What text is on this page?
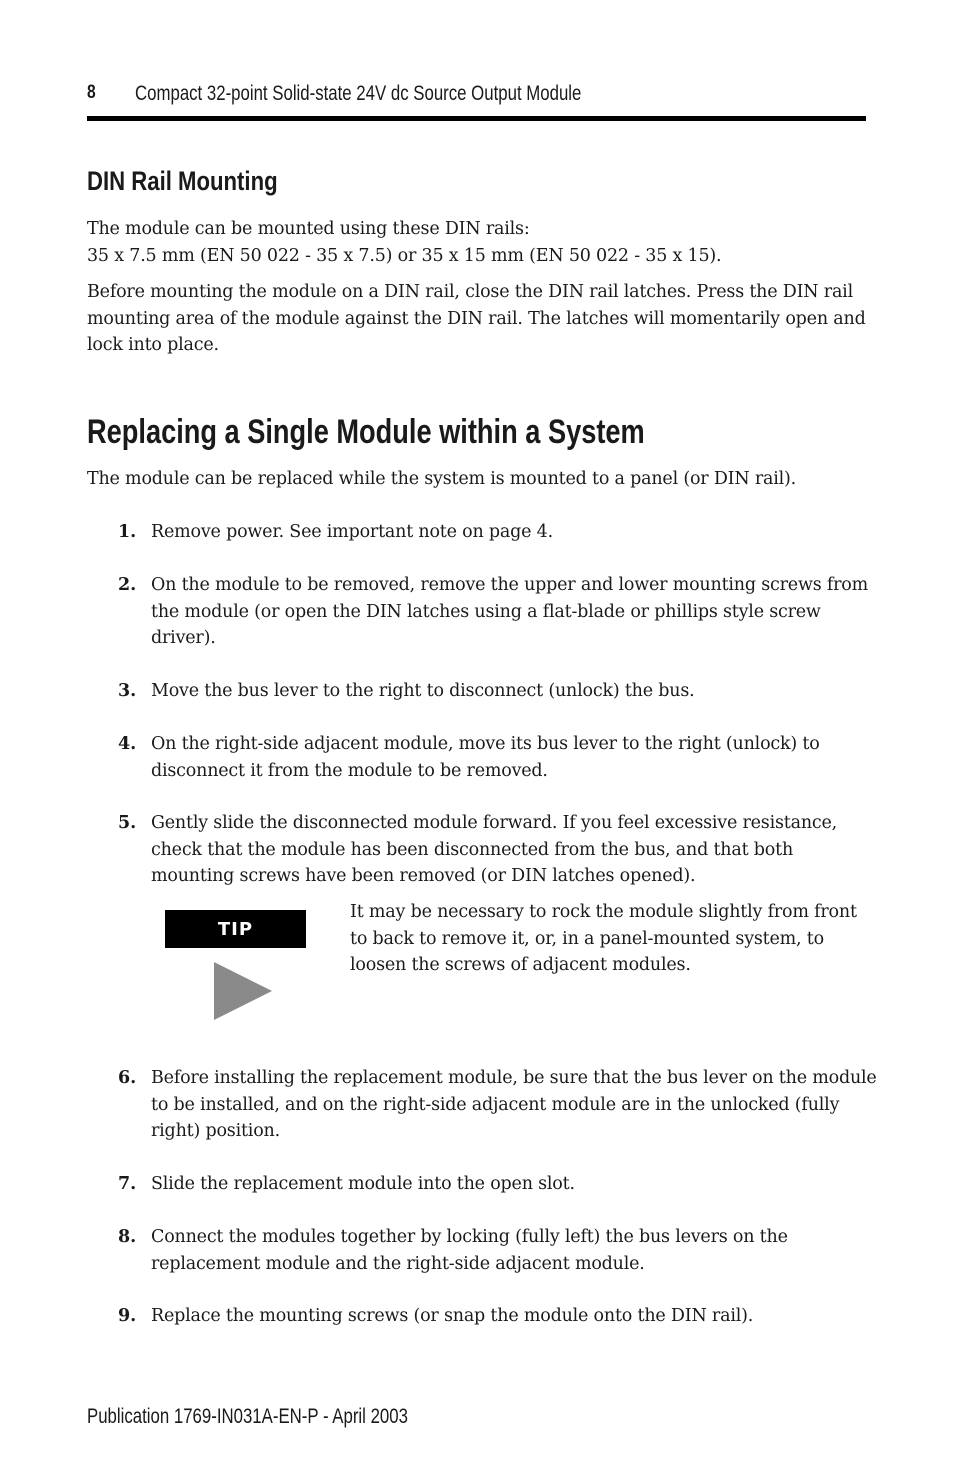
8 Compact 32-point Solid-state 24V dc Source Output Module
DIN Rail Mounting
The module can be mounted using these DIN rails:
35 x 7.5 mm (EN 50 022 - 35 x 7.5) or 35 x 15 mm (EN 50 022 - 35 x 15).
Before mounting the module on a DIN rail, close the DIN rail latches. Press the DIN rail mounting area of the module against the DIN rail. The latches will momentarily open and lock into place.
Replacing a Single Module within a System
The module can be replaced while the system is mounted to a panel (or DIN rail).
1. Remove power. See important note on page 4.
2. On the module to be removed, remove the upper and lower mounting screws from the module (or open the DIN latches using a flat-blade or phillips style screw driver).
3. Move the bus lever to the right to disconnect (unlock) the bus.
4. On the right-side adjacent module, move its bus lever to the right (unlock) to disconnect it from the module to be removed.
5. Gently slide the disconnected module forward. If you feel excessive resistance, check that the module has been disconnected from the bus, and that both mounting screws have been removed (or DIN latches opened).
TIP
It may be necessary to rock the module slightly from front to back to remove it, or, in a panel-mounted system, to loosen the screws of adjacent modules.
6. Before installing the replacement module, be sure that the bus lever on the module to be installed, and on the right-side adjacent module are in the unlocked (fully right) position.
7. Slide the replacement module into the open slot.
8. Connect the modules together by locking (fully left) the bus levers on the replacement module and the right-side adjacent module.
9. Replace the mounting screws (or snap the module onto the DIN rail).
Publication 1769-IN031A-EN-P - April 2003
